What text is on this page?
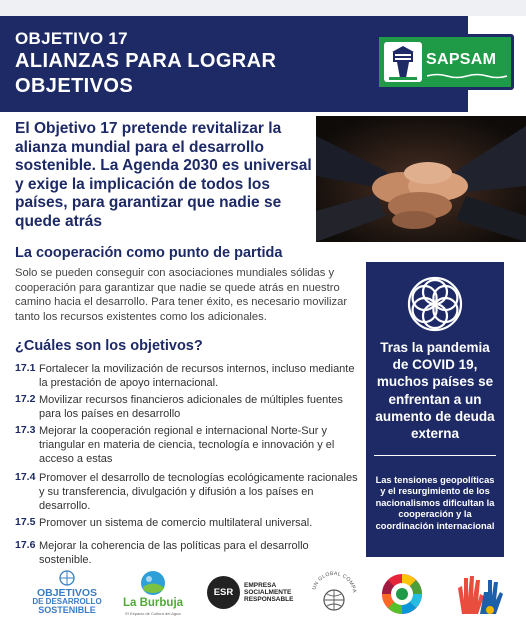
OBJETIVO 17
ALIANZAS PARA LOGRAR OBJETIVOS
SAPSAM
El Objetivo 17 pretende revitalizar la alianza mundial para el desarrollo sostenible. La Agenda 2030 es universal y exige la implicación de todos los países, para garantizar que nadie se quede atrás
La cooperación como punto de partida
Solo se pueden conseguir con asociaciones mundiales sólidas y cooperación para garantizar que nadie se quede atrás en nuestro camino hacia el desarrollo. Para tener éxito, es necesario movilizar tanto los recursos existentes como los adicionales.
¿Cuáles son los objetivos?
17.1 Fortalecer la movilización de recursos internos, incluso mediante la prestación de apoyo internacional.
17.2 Movilizar recursos financieros adicionales de múltiples fuentes para los países en desarrollo
17.3 Mejorar la cooperación regional e internacional Norte-Sur y triangular en materia de ciencia, tecnología e innovación y el acceso a estas
17.4 Promover el desarrollo de tecnologías ecológicamente racionales y su transferencia, divulgación y difusión a los países en desarrollo.
17.5 Promover un sistema de comercio multilateral universal.
17.6 Mejorar la coherencia de las políticas para el desarrollo sostenible.
Tras la pandemia de COVID 19, muchos países se enfrentan a un aumento de deuda externa
Las tensiones geopolíticas y el resurgimiento de los nacionalismos dificultan la cooperación y la coordinación internacional
OBJETIVOS
DE DESARROLLO
SOSTENIBLE
La Burbuja
El Espacio de Cultura del Agua
ESR
EMPRESA
SOCIALMENTE
RESPONSABLE
UN GLOBAL COMPA
